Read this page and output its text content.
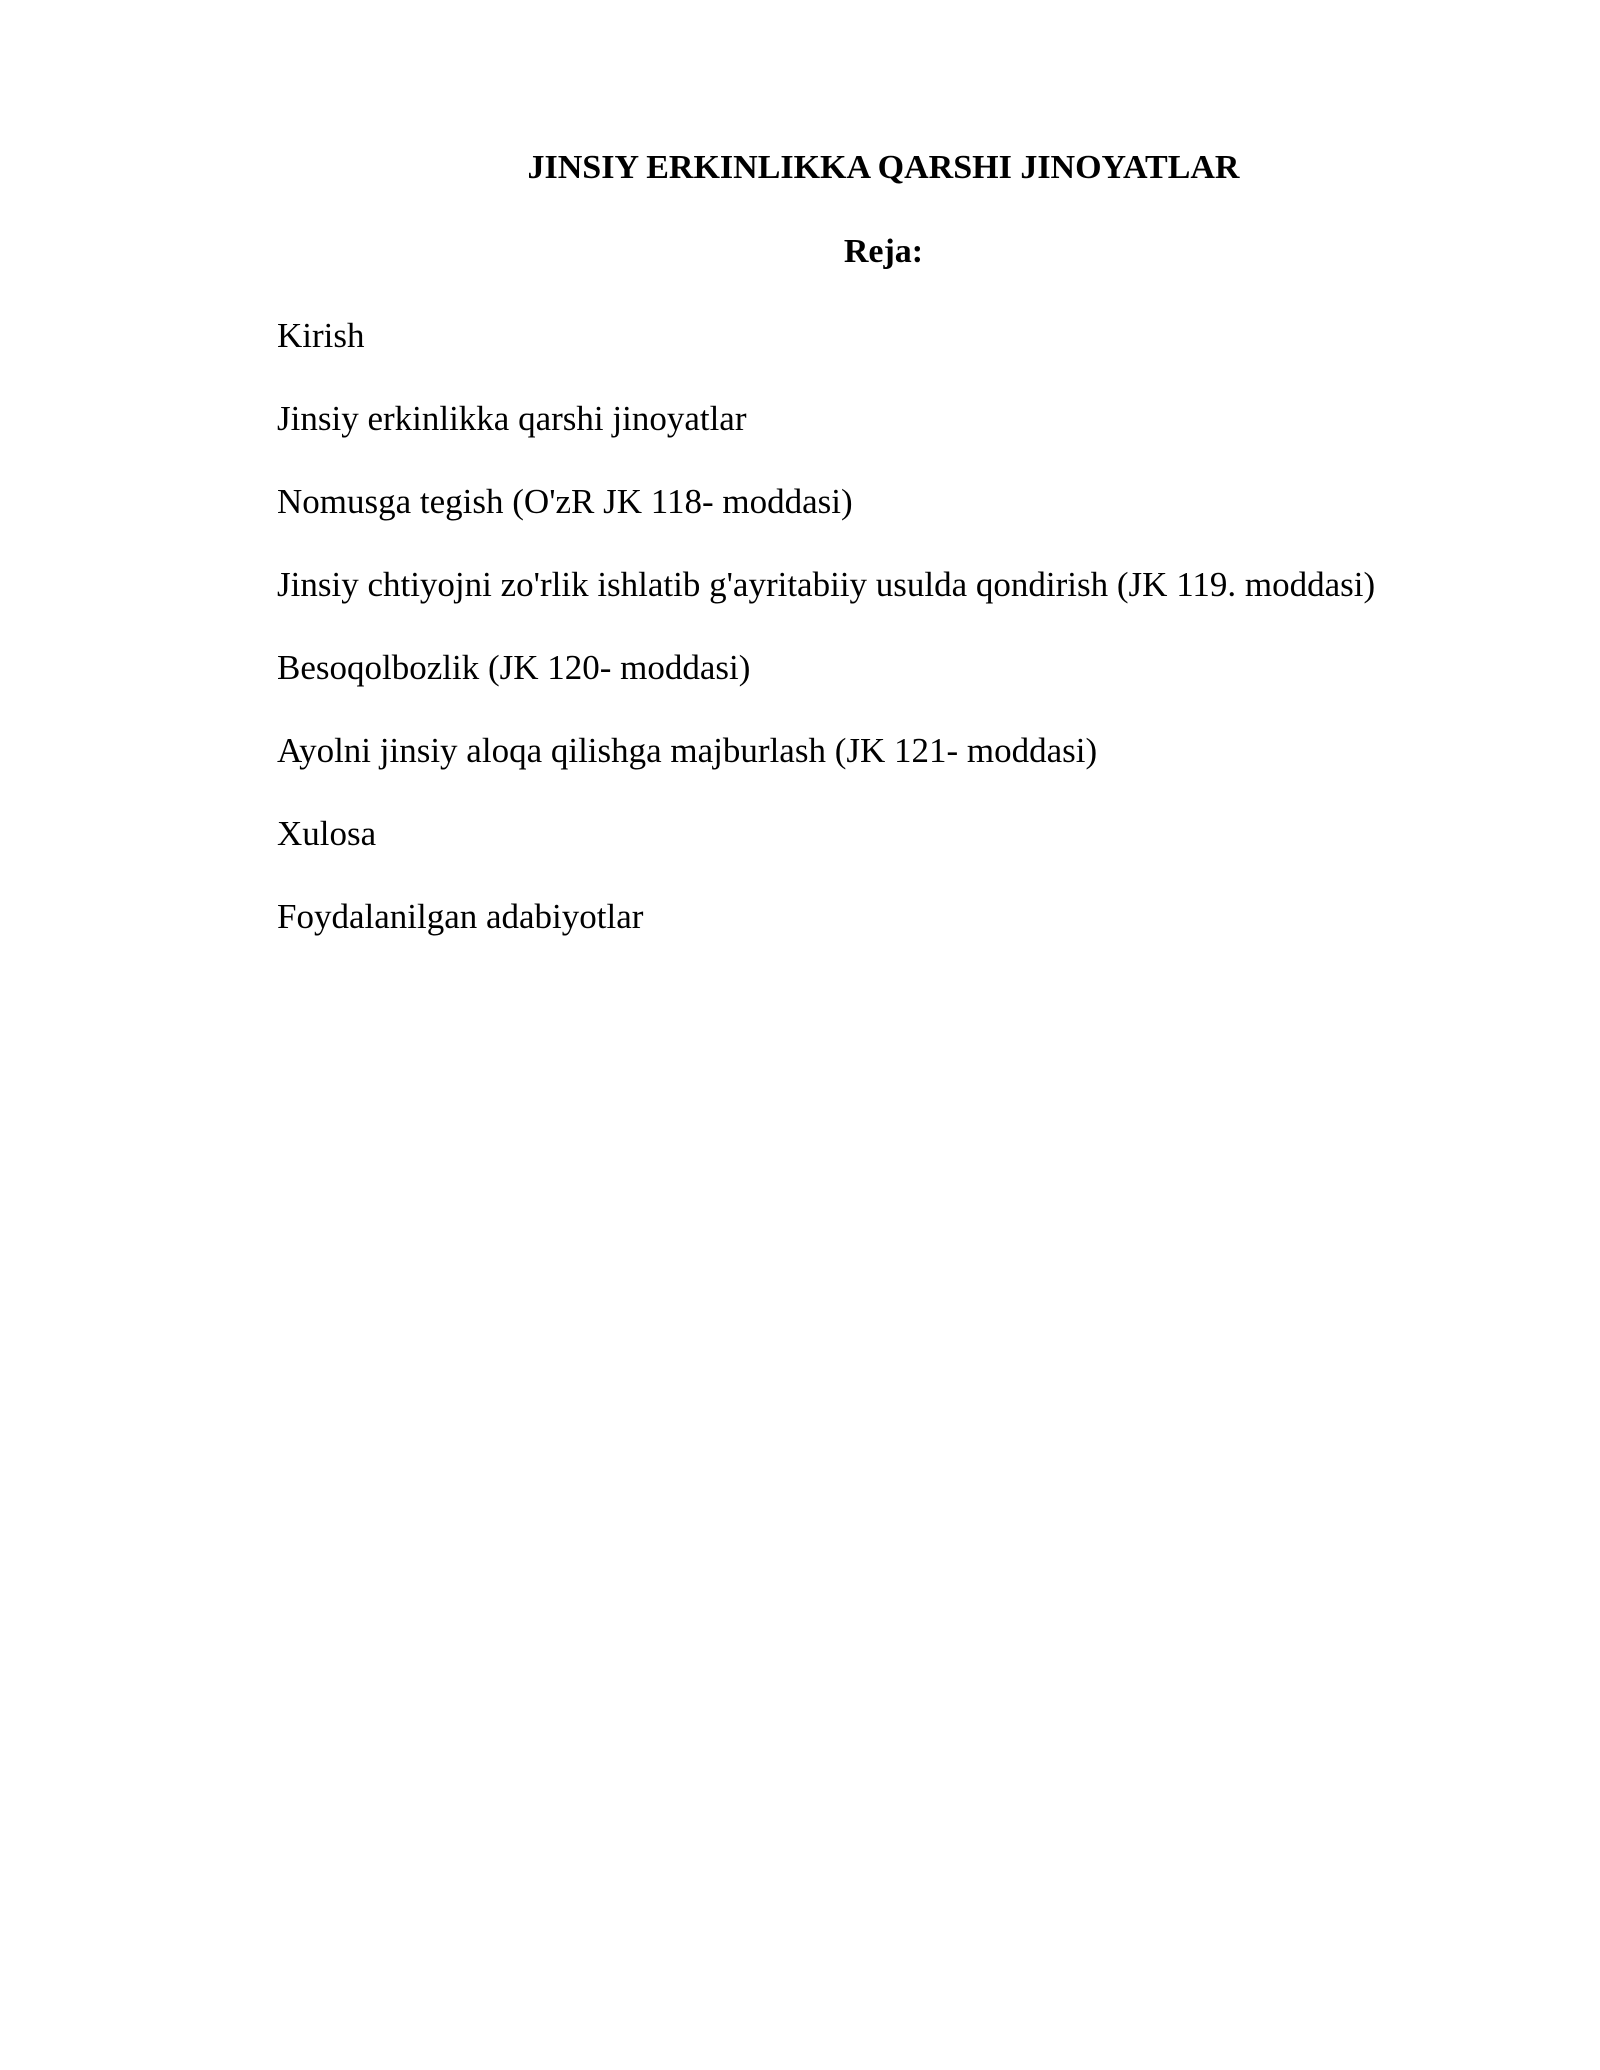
JINSIY ERKINLIKKA QARSHI JINOYATLAR
Reja:
Kirish
Jinsiy erkinlikka qarshi jinoyatlar
Nomusga tegish (O'zR JK 118- moddasi)
Jinsiy chtiyojni zo'rlik ishlatib g'ayritabiiy usulda qondirish (JK 119. moddasi)
Besoqolbozlik (JK 120- moddasi)
Ayolni jinsiy aloqa qilishga majburlash (JK 121- moddasi)
Xulosa
Foydalanilgan adabiyotlar
